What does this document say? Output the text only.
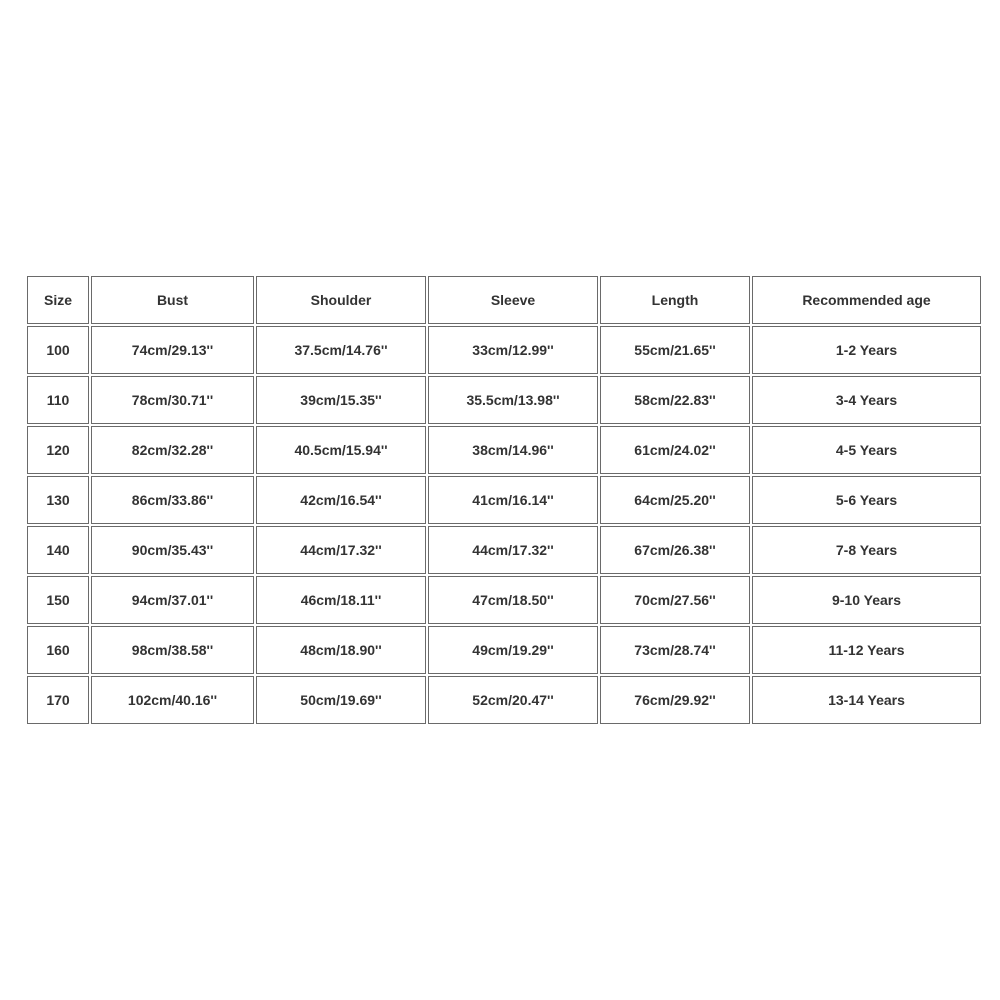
Size	Bust	Shoulder	Sleeve	Length	Recommended age
100	74cm/29.13''	37.5cm/14.76''	33cm/12.99''	55cm/21.65''	1-2 Years
110	78cm/30.71''	39cm/15.35''	35.5cm/13.98''	58cm/22.83''	3-4 Years
120	82cm/32.28''	40.5cm/15.94''	38cm/14.96''	61cm/24.02''	4-5 Years
130	86cm/33.86''	42cm/16.54''	41cm/16.14''	64cm/25.20''	5-6 Years
140	90cm/35.43''	44cm/17.32''	44cm/17.32''	67cm/26.38''	7-8 Years
150	94cm/37.01''	46cm/18.11''	47cm/18.50''	70cm/27.56''	9-10 Years
160	98cm/38.58''	48cm/18.90''	49cm/19.29''	73cm/28.74''	11-12 Years
170	102cm/40.16''	50cm/19.69''	52cm/20.47''	76cm/29.92''	13-14 Years
